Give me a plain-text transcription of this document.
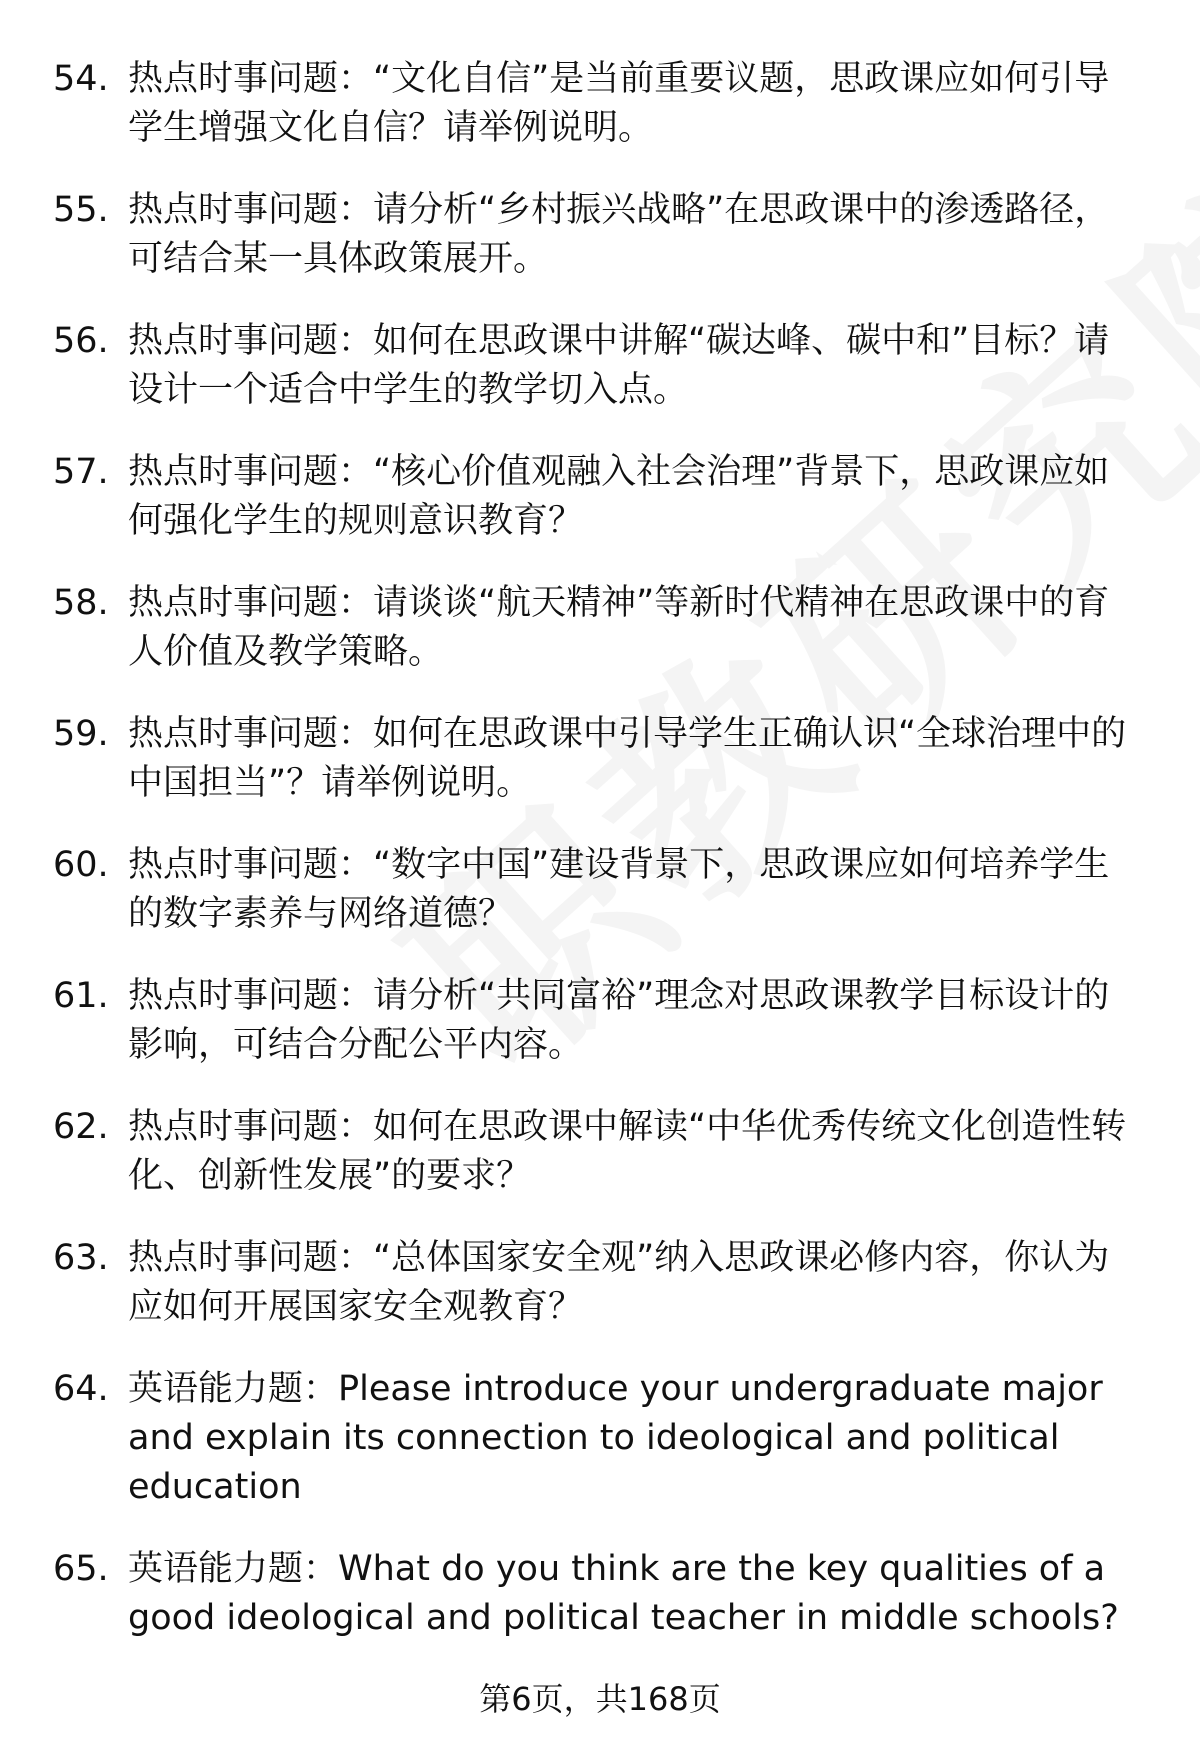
54. 热点时事问题：“文化自信”是当前重要议题，思政课应如何引导学生增强文化自信？请举例说明。
55. 热点时事问题：请分析“乡村振兴战略”在思政课中的渗透路径，可结合某一具体政策展开。
56. 热点时事问题：如何在思政课中讲解“碳达峰、碳中和”目标？请设计一个适合中学生的教学切入点。
57. 热点时事问题：“核心价值观融入社会治理”背景下，思政课应如何强化学生的规则意识教育？
58. 热点时事问题：请谈谈“航天精神”等新时代精神在思政课中的育人价值及教学策略。
59. 热点时事问题：如何在思政课中引导学生正确认识“全球治理中的中国担当”？请举例说明。
60. 热点时事问题：“数字中国”建设背景下，思政课应如何培养学生的数字素养与网络道德？
61. 热点时事问题：请分析“共同富裕”理念对思政课教学目标设计的影响，可结合分配公平内容。
62. 热点时事问题：如何在思政课中解读“中华优秀传统文化创造性转化、创新性发展”的要求？
63. 热点时事问题：“总体国家安全观”纳入思政课必修内容，你认为应如何开展国家安全观教育？
64. 英语能力题：Please introduce your undergraduate major and explain its connection to ideological and political education
65. 英语能力题：What do you think are the key qualities of a good ideological and political teacher in middle schools?
第6页，共168页
